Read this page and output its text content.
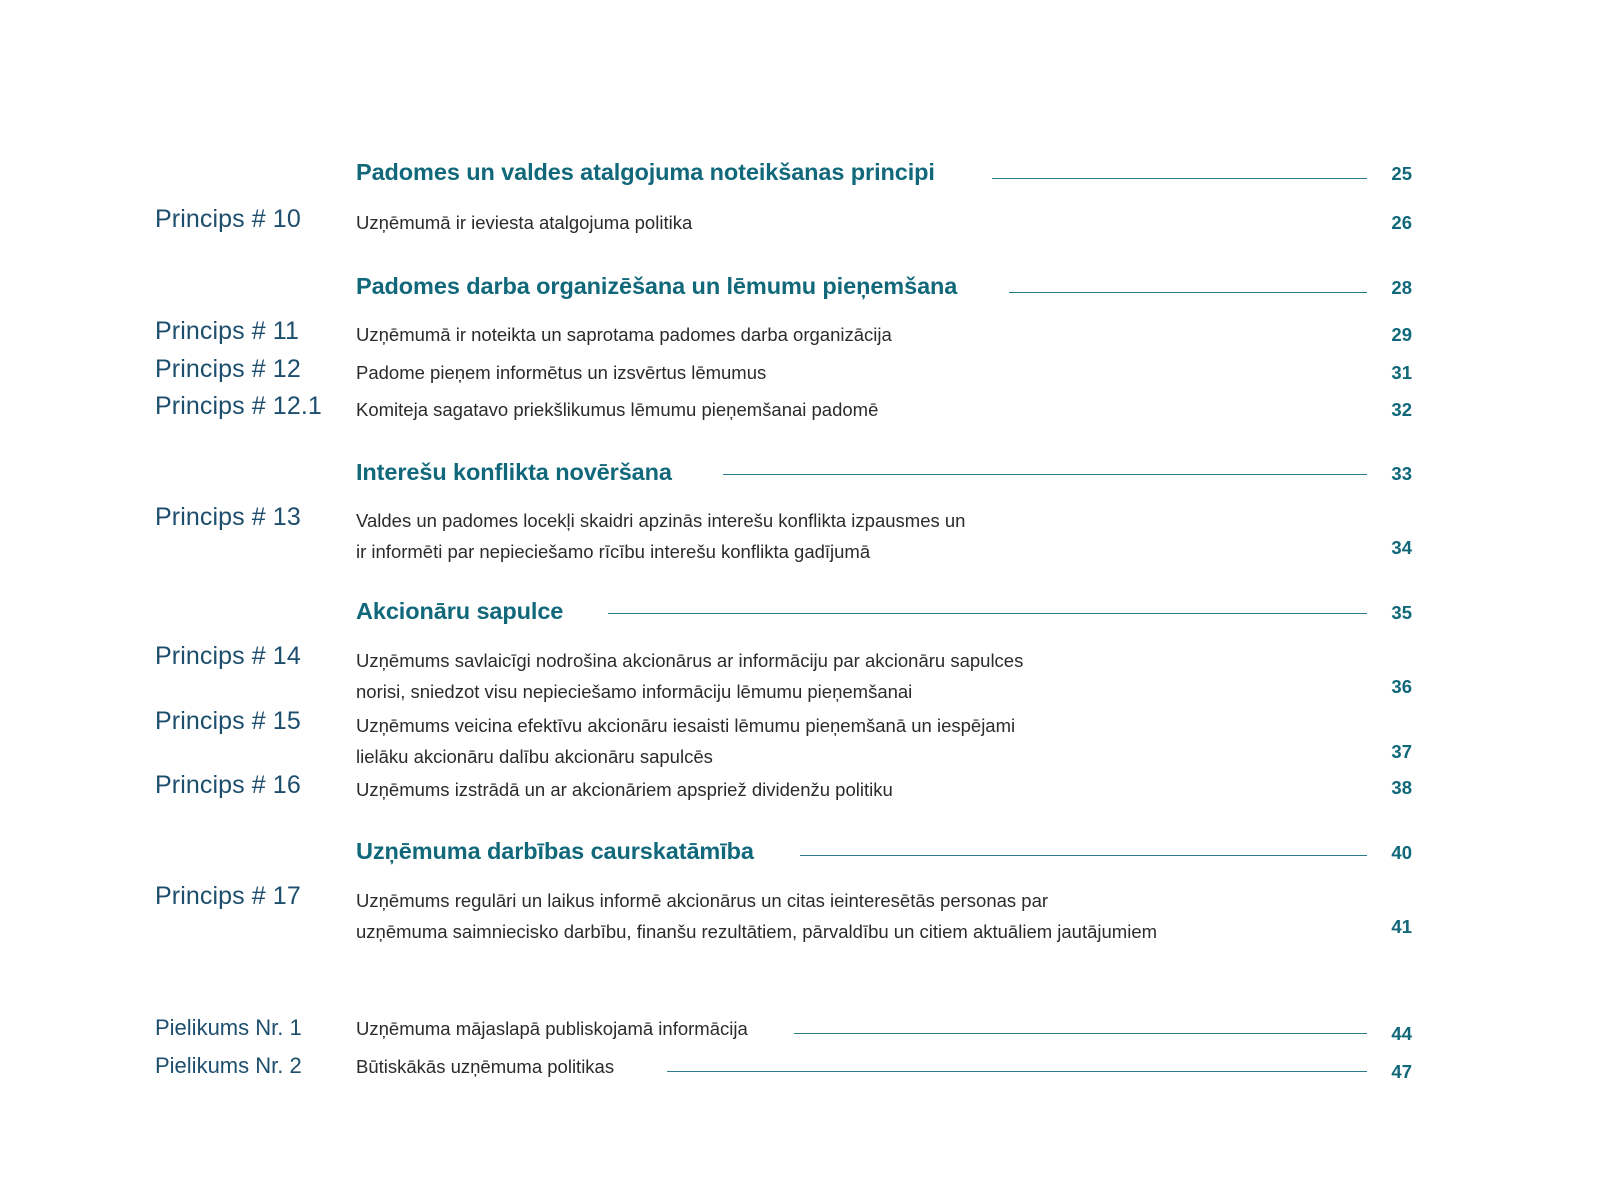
Padomes un valdes atalgojuma noteikšanas principi	25
Princips # 10	Uzņēmumā ir ieviesta atalgojuma politika	26
Padomes darba organizēšana un lēmumu pieņemšana	28
Princips # 11	Uzņēmumā ir noteikta un saprotama padomes darba organizācija	29
Princips # 12	Padome pieņem informētus un izsvērtus lēmumus	31
Princips # 12.1	Komiteja sagatavo priekšlikumus lēmumu pieņemšanai padomē	32
Interešu konflikta novēršana	33
Princips # 13	Valdes un padomes locekļi skaidri apzinās interešu konflikta izpausmes un
ir informēti par nepieciešamo rīcību interešu konflikta gadījumā	34
Akcionāru sapulce	35
Princips # 14	Uzņēmums savlaicīgi nodrošina akcionārus ar informāciju par akcionāru sapulces
norisi, sniedzot visu nepieciešamo informāciju lēmumu pieņemšanai	36
Princips # 15	Uzņēmums veicina efektīvu akcionāru iesaisti lēmumu pieņemšanā un iespējami
lielāku akcionāru dalību akcionāru sapulcēs	37
Princips # 16	Uzņēmums izstrādā un ar akcionāriem apspriež dividenžu politiku	38
Uzņēmuma darbības caurskatāmība	40
Princips # 17	Uzņēmums regulāri un laikus informē akcionārus un citas ieinteresētās personas par
uzņēmuma saimniecisko darbību, finanšu rezultātiem, pārvaldību un citiem aktuāliem jautājumiem	41
Pielikums Nr. 1	Uzņēmuma mājaslapā publiskojamā informācija	44
Pielikums Nr. 2	Būtiskākās uzņēmuma politikas	47
